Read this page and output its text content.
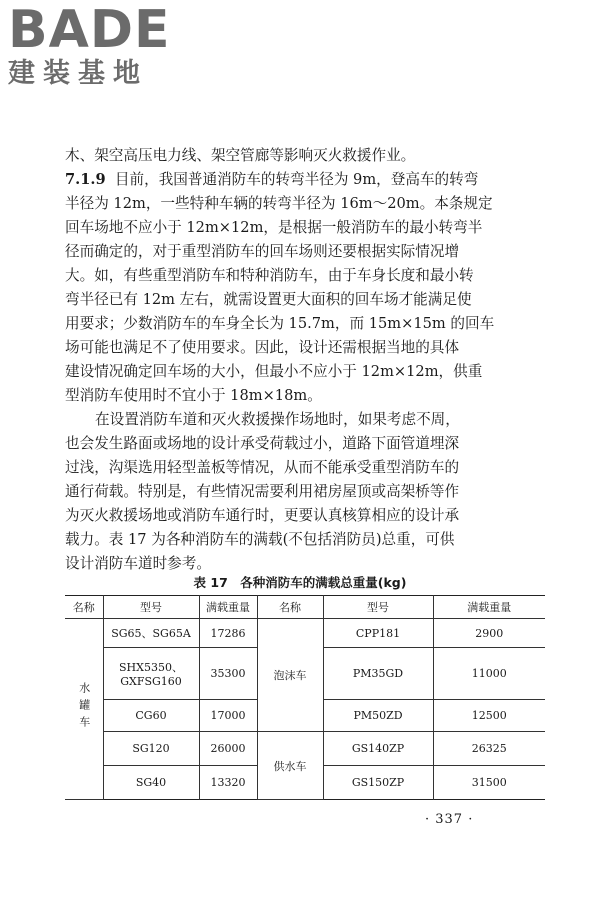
BADE
建装基地
木、架空高压电力线、架空管廊等影响灭火救援作业。
7.1.9 目前，我国普通消防车的转弯半径为 9m，登高车的转弯
半径为 12m，一些特种车辆的转弯半径为 16m～20m。本条规定
回车场地不应小于 12m×12m，是根据一般消防车的最小转弯半
径而确定的，对于重型消防车的回车场则还要根据实际情况增
大。如，有些重型消防车和特种消防车，由于车身长度和最小转
弯半径已有 12m 左右，就需设置更大面积的回车场才能满足使
用要求；少数消防车的车身全长为 15.7m，而 15m×15m 的回车
场可能也满足不了使用要求。因此，设计还需根据当地的具体
建设情况确定回车场的大小，但最小不应小于 12m×12m，供重
型消防车使用时不宜小于 18m×18m。
在设置消防车道和灭火救援操作场地时，如果考虑不周，
也会发生路面或场地的设计承受荷载过小，道路下面管道埋深
过浅，沟渠选用轻型盖板等情况，从而不能承受重型消防车的
通行荷载。特别是，有些情况需要利用裙房屋顶或高架桥等作
为灭火救援场地或消防车通行时，更要认真核算相应的设计承
载力。表 17 为各种消防车的满载(不包括消防员)总重，可供
设计消防车道时参考。
表 17　各种消防车的满载总重量(kg)
名称	型号	满载重量	名称	型号	满载重量
水罐车	SG65、SG65A	17286	泡沫车	CPP181	2900
	SHX5350、
GXFSG160	35300		PM35GD	11000
	CG60	17000		PM50ZD	12500
	SG120	26000	供水车	GS140ZP	26325
	SG40	13320		GS150ZP	31500
· 337 ·
